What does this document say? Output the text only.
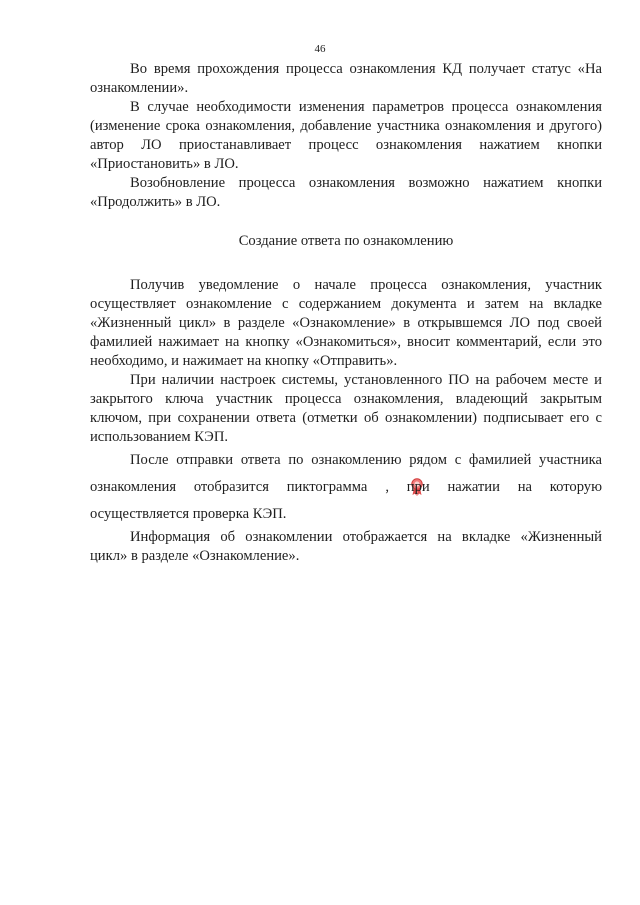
46

Во время прохождения процесса ознакомления КД получает статус «На ознакомлении».

В случае необходимости изменения параметров процесса ознакомления (изменение срока ознакомления, добавление участника ознакомления и другого) автор ЛО приостанавливает процесс ознакомления нажатием кнопки «Приостановить» в ЛО.

Возобновление процесса ознакомления возможно нажатием кнопки «Продолжить» в ЛО.

Создание ответа по ознакомлению

Получив уведомление о начале процесса ознакомления, участник осуществляет ознакомление с содержанием документа и затем на вкладке «Жизненный цикл» в разделе «Ознакомление» в открывшемся ЛО под своей фамилией нажимает на кнопку «Ознакомиться», вносит комментарий, если это необходимо, и нажимает на кнопку «Отправить».

При наличии настроек системы, установленного ПО на рабочем месте и закрытого ключа участник процесса ознакомления, владеющий закрытым ключом, при сохранении ответа (отметки об ознакомлении) подписывает его с использованием КЭП.

После отправки ответа по ознакомлению рядом с фамилией участника ознакомления отобразится пиктограмма , при нажатии на которую осуществляется проверка КЭП.

Информация об ознакомлении отображается на вкладке «Жизненный цикл» в разделе «Ознакомление».
